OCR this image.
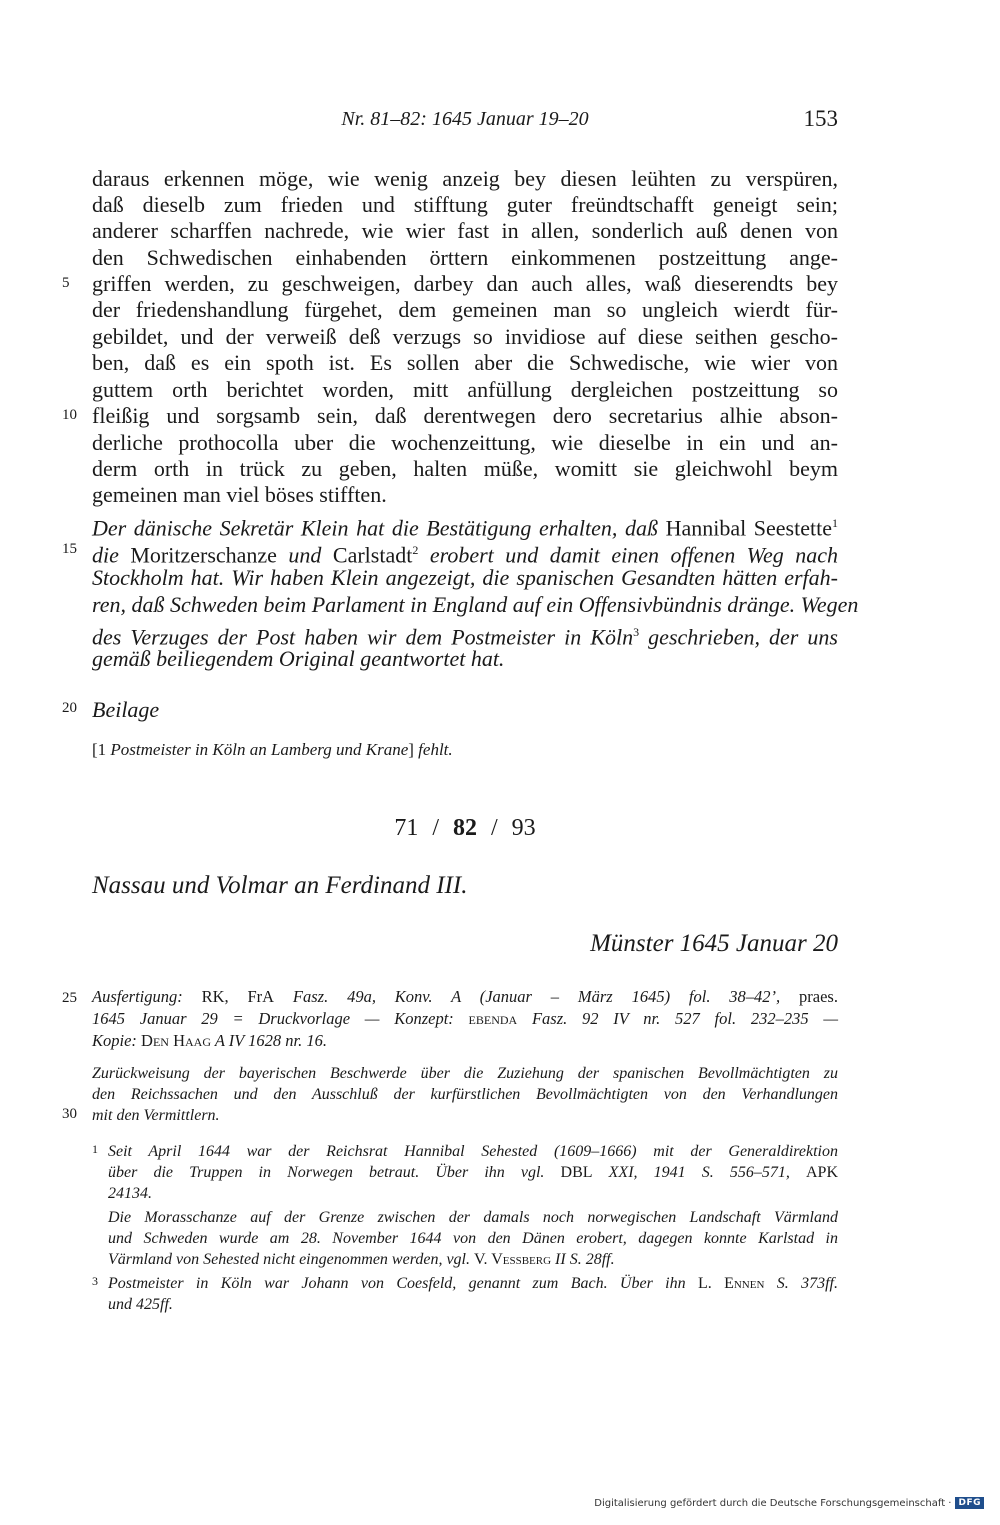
Nr. 81–82: 1645 Januar 19–20	153
5
10
15
20
25
30
daraus erkennen möge, wie wenig anzeig bey diesen leühten zu verspüren,
daß dieselb zum frieden und stifftung guter freündtschafft geneigt sein;
anderer scharffen nachrede, wie wier fast in allen, sonderlich auß denen von
den Schwedischen einhabenden örttern einkommenen postzeittung ange-
griffen werden, zu geschweigen, darbey dan auch alles, waß dieserendts bey
der friedenshandlung fürgehet, dem gemeinen man so ungleich wierdt für-
gebildet, und der verweiß deß verzugs so invidiose auf diese seithen gescho-
ben, daß es ein spoth ist. Es sollen aber die Schwedische, wie wier von
guttem orth berichtet worden, mitt anfüllung dergleichen postzeittung so
fleißig und sorgsamb sein, daß derentwegen dero secretarius alhie abson-
derliche prothocolla uber die wochenzeittung, wie dieselbe in ein und an-
derm orth in trück zu geben, halten müße, womitt sie gleichwohl beym
gemeinen man viel böses stifften.
Der dänische Sekretär Klein hat die Bestätigung erhalten, daß Hannibal Seestette$^1$
die Moritzerschanze und Carlstadt$^2$ erobert und damit einen offenen Weg nach
Stockholm hat. Wir haben Klein angezeigt, die spanischen Gesandten hätten erfah-
ren, daß Schweden beim Parlament in England auf ein Offensivbündnis dränge. Wegen
des Verzuges der Post haben wir dem Postmeister in Köln$^3$ geschrieben, der uns
gemäß beiliegendem Original geantwortet hat.
Beilage
[1 Postmeister in Köln an Lamberg und Krane] fehlt.
71 / 82 / 93
Nassau und Volmar an Ferdinand III.
Münster 1645 Januar 20
Ausfertigung: RK, FrA Fasz. 49a, Konv. A (Januar – März 1645) fol. 38–42’, praes.
1645 Januar 29 = Druckvorlage — Konzept: ebenda Fasz. 92 IV nr. 527 fol. 232–235 —
Kopie: Den Haag A IV 1628 nr. 16.
Zurückweisung der bayerischen Beschwerde über die Zuziehung der spanischen Bevollmächtigten zu
den Reichssachen und den Ausschluß der kurfürstlichen Bevollmächtigten von den Verhandlungen
mit den Vermittlern.
1 Seit April 1644 war der Reichsrat Hannibal Sehested (1609–1666) mit der Generaldirektion
über die Truppen in Norwegen betraut. Über ihn vgl. DBL XXI, 1941 S. 556–571, APK
24134.
Die Morasschanze auf der Grenze zwischen der damals noch norwegischen Landschaft Värmland
und Schweden wurde am 28. November 1644 von den Dänen erobert, dagegen konnte Karlstad in
Värmland von Sehested nicht eingenommen werden, vgl. V. Vessberg II S. 28ff.
3 Postmeister in Köln war Johann von Coesfeld, genannt zum Bach. Über ihn L. Ennen S. 373ff.
und 425ff.
Digitalisierung gefördert durch die Deutsche Forschungsgemeinschaft · DFG
